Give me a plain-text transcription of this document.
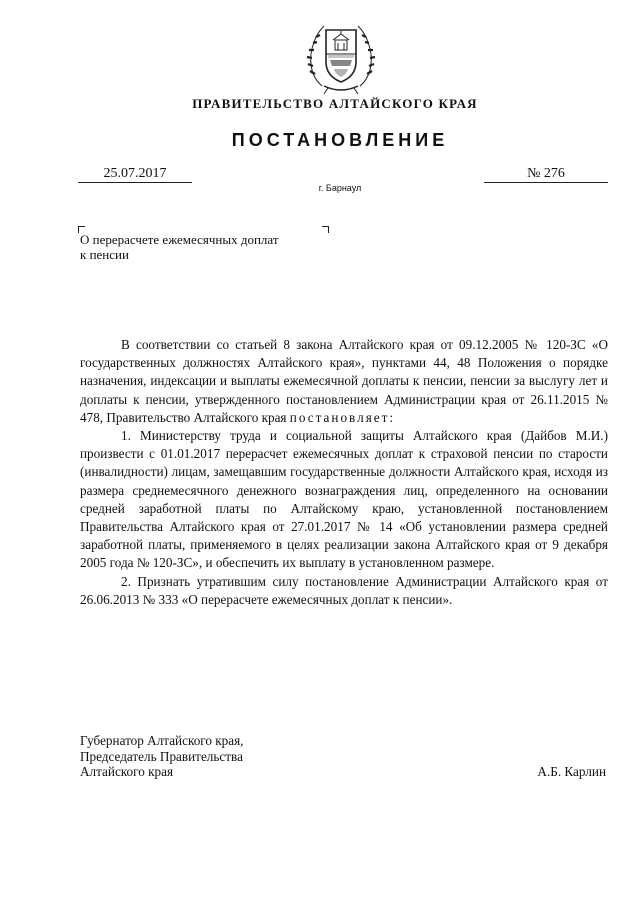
ПРАВИТЕЛЬСТВО АЛТАЙСКОГО КРАЯ
ПОСТАНОВЛЕНИЕ
25.07.2017	№ 276
г. Барнаул
О перерасчете ежемесячных доплат
к пенсии

В соответствии со статьей 8 закона Алтайского края от 09.12.2005 № 120-ЗС «О государственных должностях Алтайского края», пунктами 44, 48 Положения о порядке назначения, индексации и выплаты ежемесячной доплаты к пенсии, пенсии за выслугу лет и доплаты к пенсии, утвержденного постановлением Администрации края от 26.11.2015 № 478, Правительство Алтайского края постановляет:

1. Министерству труда и социальной защиты Алтайского края (Дайбов М.И.) произвести с 01.01.2017 перерасчет ежемесячных доплат к страховой пенсии по старости (инвалидности) лицам, замещавшим государственные должности Алтайского края, исходя из размера среднемесячного денежного вознаграждения лиц, определенного на основании средней заработной платы по Алтайскому краю, установленной постановлением Правительства Алтайского края от 27.01.2017 № 14 «Об установлении размера средней заработной платы, применяемого в целях реализации закона Алтайского края от 9 декабря 2005 года № 120-ЗС», и обеспечить их выплату в установленном размере.

2. Признать утратившим силу постановление Администрации Алтайского края от 26.06.2013 № 333 «О перерасчете ежемесячных доплат к пенсии».

Губернатор Алтайского края,
Председатель Правительства
Алтайского края	А.Б. Карлин
